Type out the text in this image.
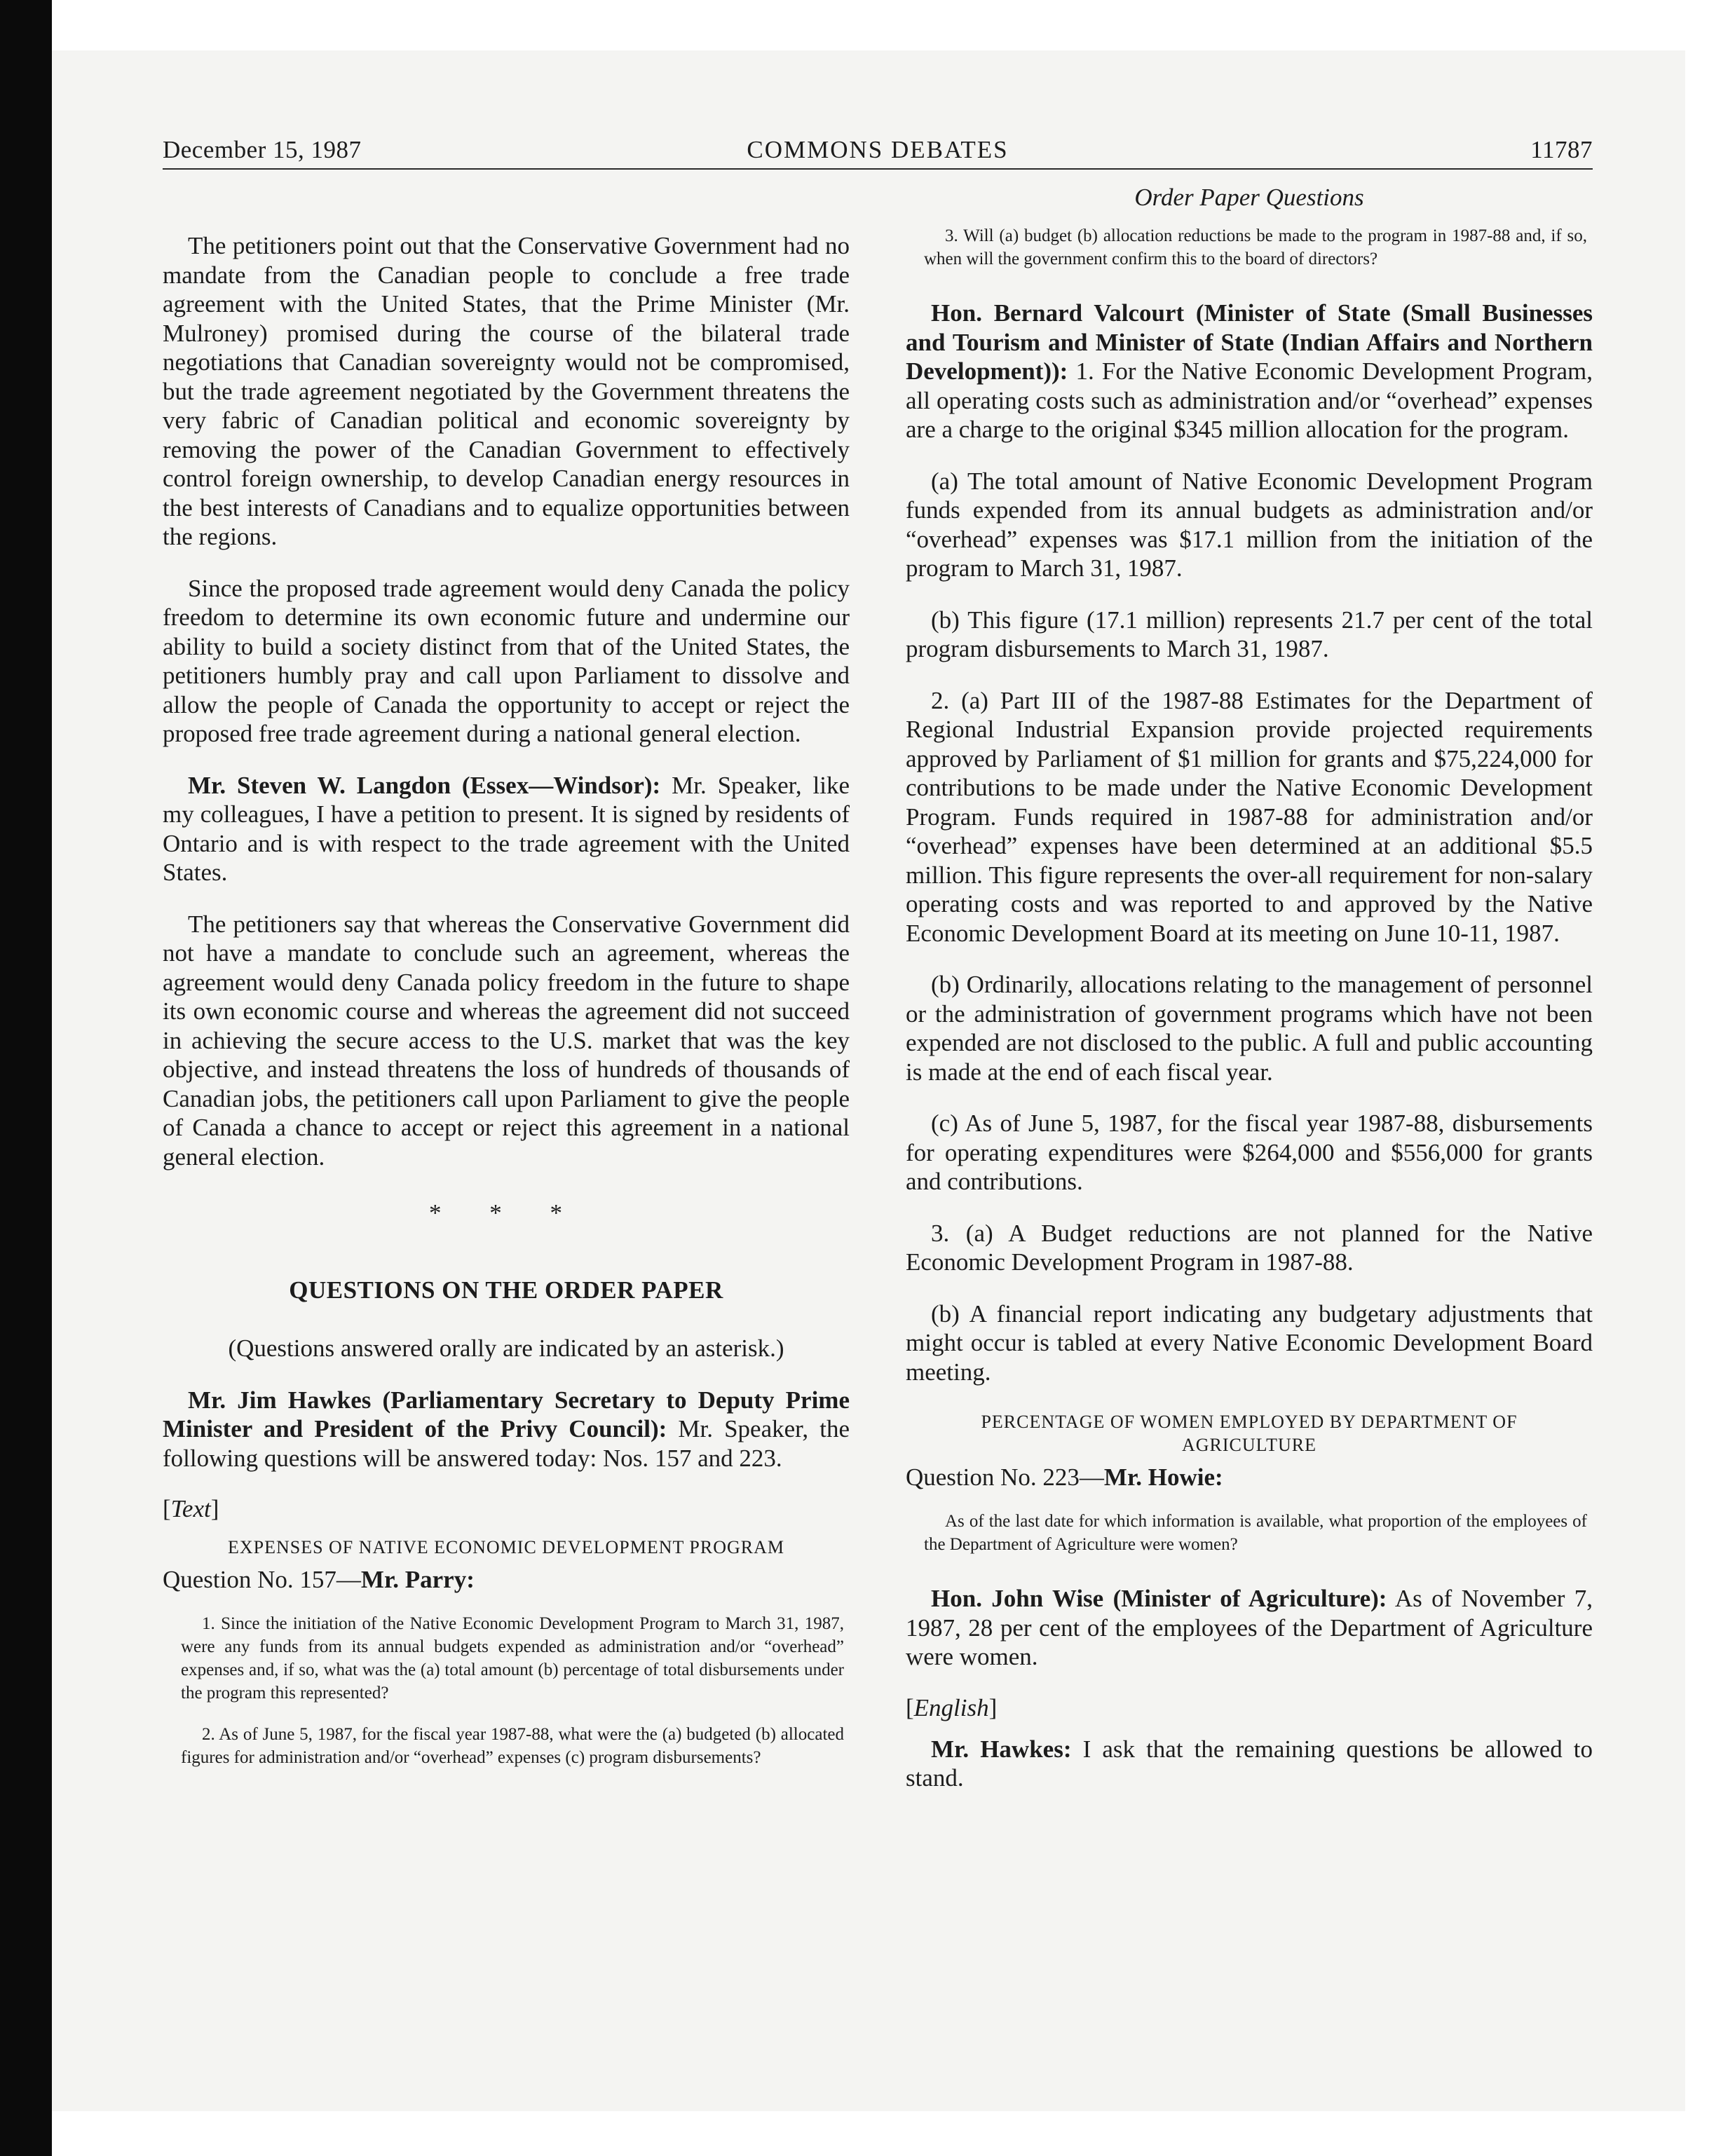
December 15, 1987	COMMONS DEBATES	11787

The petitioners point out that the Conservative Government had no mandate from the Canadian people to conclude a free trade agreement with the United States, that the Prime Minister (Mr. Mulroney) promised during the course of the bilateral trade negotiations that Canadian sovereignty would not be compromised, but the trade agreement negotiated by the Government threatens the very fabric of Canadian political and economic sovereignty by removing the power of the Canadian Government to effectively control foreign ownership, to develop Canadian energy resources in the best interests of Canadians and to equalize opportunities between the regions.

Since the proposed trade agreement would deny Canada the policy freedom to determine its own economic future and undermine our ability to build a society distinct from that of the United States, the petitioners humbly pray and call upon Parliament to dissolve and allow the people of Canada the opportunity to accept or reject the proposed free trade agreement during a national general election.

Mr. Steven W. Langdon (Essex—Windsor): Mr. Speaker, like my colleagues, I have a petition to present. It is signed by residents of Ontario and is with respect to the trade agreement with the United States.

The petitioners say that whereas the Conservative Government did not have a mandate to conclude such an agreement, whereas the agreement would deny Canada policy freedom in the future to shape its own economic course and whereas the agreement did not succeed in achieving the secure access to the U.S. market that was the key objective, and instead threatens the loss of hundreds of thousands of Canadian jobs, the petitioners call upon Parliament to give the people of Canada a chance to accept or reject this agreement in a national general election.

* * *

QUESTIONS ON THE ORDER PAPER

(Questions answered orally are indicated by an asterisk.)

Mr. Jim Hawkes (Parliamentary Secretary to Deputy Prime Minister and President of the Privy Council): Mr. Speaker, the following questions will be answered today: Nos. 157 and 223.

[Text]

EXPENSES OF NATIVE ECONOMIC DEVELOPMENT PROGRAM

Question No. 157—Mr. Parry:

1. Since the initiation of the Native Economic Development Program to March 31, 1987, were any funds from its annual budgets expended as administration and/or “overhead” expenses and, if so, what was the (a) total amount (b) percentage of total disbursements under the program this represented?

2. As of June 5, 1987, for the fiscal year 1987-88, what were the (a) budgeted (b) allocated figures for administration and/or “overhead” expenses (c) program disbursements?

Order Paper Questions

3. Will (a) budget (b) allocation reductions be made to the program in 1987-88 and, if so, when will the government confirm this to the board of directors?

Hon. Bernard Valcourt (Minister of State (Small Businesses and Tourism and Minister of State (Indian Affairs and Northern Development)): 1. For the Native Economic Development Program, all operating costs such as administration and/or “overhead” expenses are a charge to the original $345 million allocation for the program.

(a) The total amount of Native Economic Development Program funds expended from its annual budgets as administration and/or “overhead” expenses was $17.1 million from the initiation of the program to March 31, 1987.

(b) This figure (17.1 million) represents 21.7 per cent of the total program disbursements to March 31, 1987.

2. (a) Part III of the 1987-88 Estimates for the Department of Regional Industrial Expansion provide projected requirements approved by Parliament of $1 million for grants and $75,224,000 for contributions to be made under the Native Economic Development Program. Funds required in 1987-88 for administration and/or “overhead” expenses have been determined at an additional $5.5 million. This figure represents the over-all requirement for non-salary operating costs and was reported to and approved by the Native Economic Development Board at its meeting on June 10-11, 1987.

(b) Ordinarily, allocations relating to the management of personnel or the administration of government programs which have not been expended are not disclosed to the public. A full and public accounting is made at the end of each fiscal year.

(c) As of June 5, 1987, for the fiscal year 1987-88, disbursements for operating expenditures were $264,000 and $556,000 for grants and contributions.

3. (a) A Budget reductions are not planned for the Native Economic Development Program in 1987-88.

(b) A financial report indicating any budgetary adjustments that might occur is tabled at every Native Economic Development Board meeting.

PERCENTAGE OF WOMEN EMPLOYED BY DEPARTMENT OF AGRICULTURE

Question No. 223—Mr. Howie:

As of the last date for which information is available, what proportion of the employees of the Department of Agriculture were women?

Hon. John Wise (Minister of Agriculture): As of November 7, 1987, 28 per cent of the employees of the Department of Agriculture were women.

[English]

Mr. Hawkes: I ask that the remaining questions be allowed to stand.
